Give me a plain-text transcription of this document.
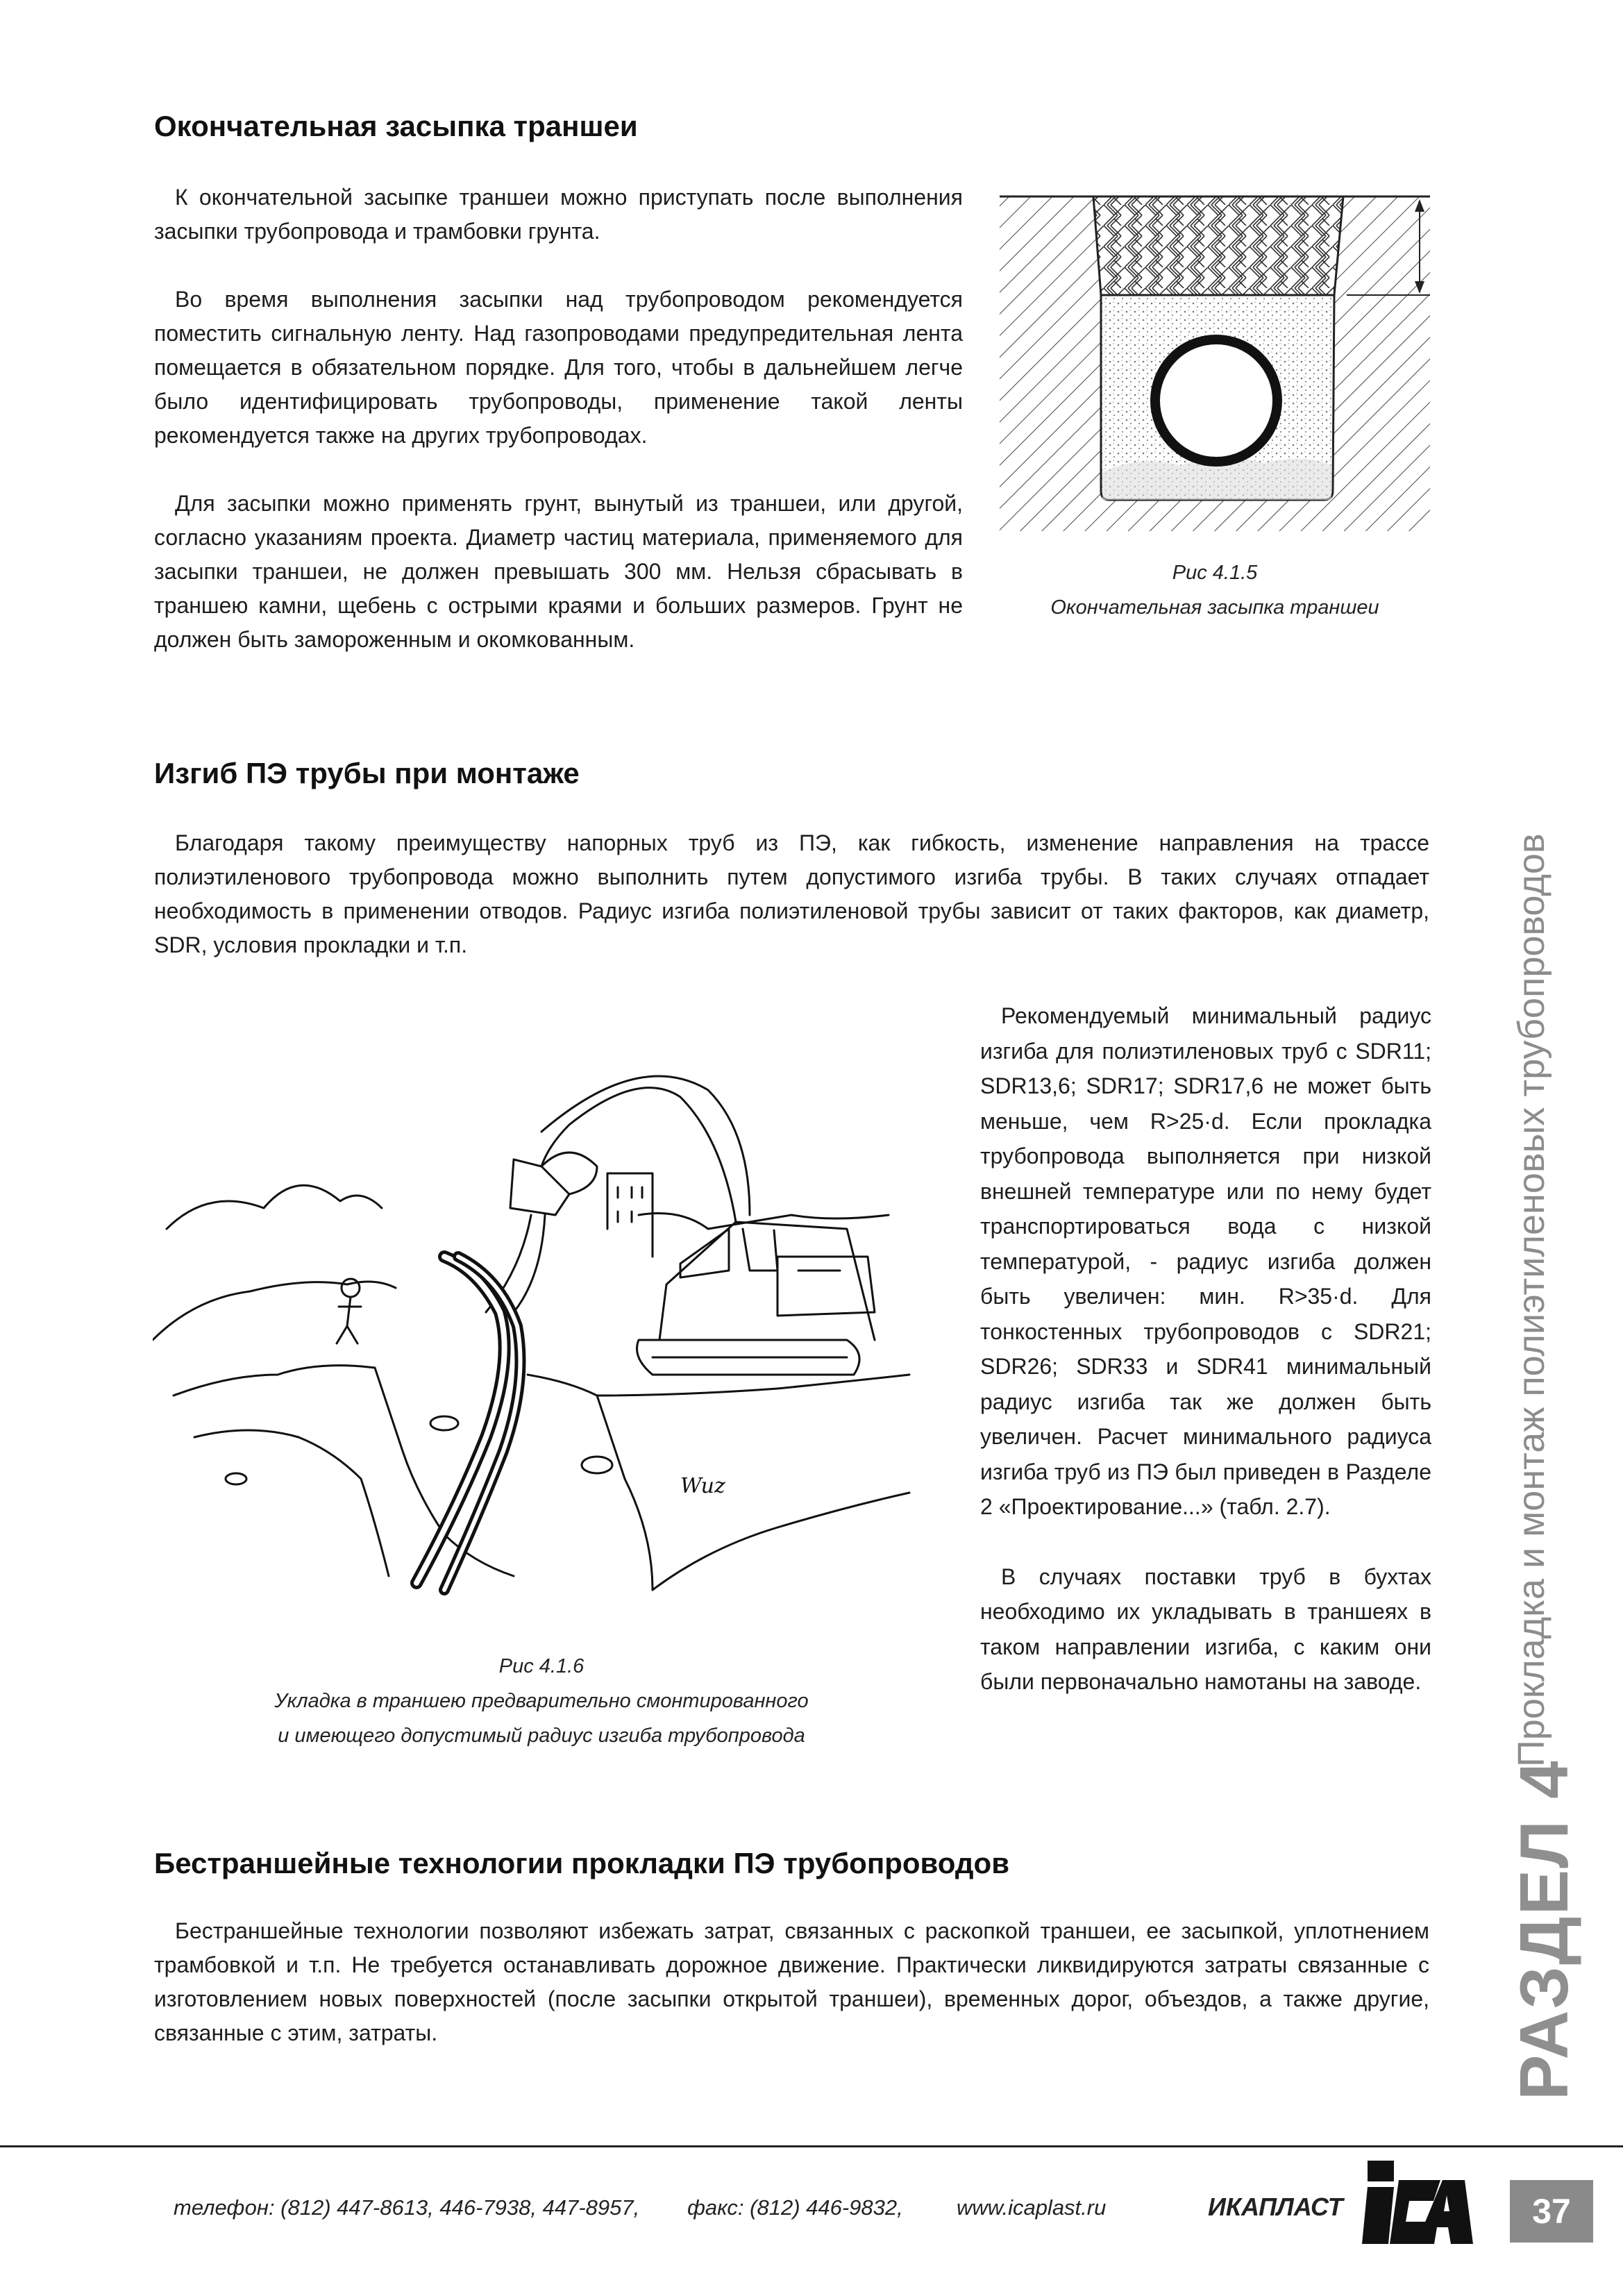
Окончательная засыпка траншеи

К окончательной засыпке траншеи можно приступать после выполнения засыпки трубопровода и трамбовки грунта.

Во время выполнения засыпки над трубопроводом рекомендуется поместить сигнальную ленту. Над газопроводами предупредительная лента помещается в обязательном порядке. Для того, чтобы в дальнейшем легче было идентифицировать трубопроводы, применение такой ленты рекомендуется также на других трубопроводах.

Для засыпки можно применять грунт, вынутый из траншеи, или другой, согласно указаниям проекта. Диаметр частиц материала, применяемого для засыпки траншеи, не должен превышать 300 мм. Нельзя сбрасывать в траншею камни, щебень с острыми краями и больших размеров. Грунт не должен быть замороженным и окомкованным.

Рис 4.1.5
Окончательная засыпка траншеи
Изгиб ПЭ трубы при монтаже

Благодаря такому преимуществу напорных труб из ПЭ, как гибкость, изменение направления на трассе полиэтиленового трубопровода можно выполнить путем допустимого изгиба трубы. В таких случаях отпадает необходимость в применении отводов. Радиус изгиба полиэтиленовой трубы зависит от таких факторов, как диаметр, SDR, условия прокладки и т.п.

Wuz
Рис 4.1.6
Укладка в траншею предварительно смонтированного
и имеющего допустимый радиус изгиба трубопровода

Рекомендуемый минимальный радиус изгиба для полиэтиленовых труб с SDR11; SDR13,6; SDR17; SDR17,6 не может быть меньше, чем R>25·d. Если прокладка трубопровода выполняется при низкой внешней температуре или по нему будет транспортироваться вода с низкой температурой, - радиус изгиба должен быть увеличен: мин. R>35·d. Для тонкостенных трубопроводов с SDR21; SDR26; SDR33 и SDR41 минимальный радиус изгиба так же должен быть увеличен. Расчет минимального радиуса изгиба труб из ПЭ был приведен в Разделе 2 «Проектирование...» (табл. 2.7).

В случаях поставки труб в бухтах необходимо их укладывать в траншеях в таком направлении изгиба, с каким они были первоначально намотаны на заводе.

Бестраншейные технологии прокладки ПЭ трубопроводов

Бестраншейные технологии позволяют избежать затрат, связанных с раскопкой траншеи, ее засыпкой, уплотнением трамбовкой и т.п. Не требуется останавливать дорожное движение. Практически ликвидируются затраты связанные с изготовлением новых поверхностей (после засыпки открытой траншеи), временных дорог, объездов, а также другие, связанные с этим, затраты.

Прокладка и монтаж полиэтиленовых трубопроводов
РАЗДЕЛ 4
телефон: (812) 447-8613, 446-7938, 447-8957, факс: (812) 446-9832, www.icaplast.ru	ИКАПЛАСТ	37
